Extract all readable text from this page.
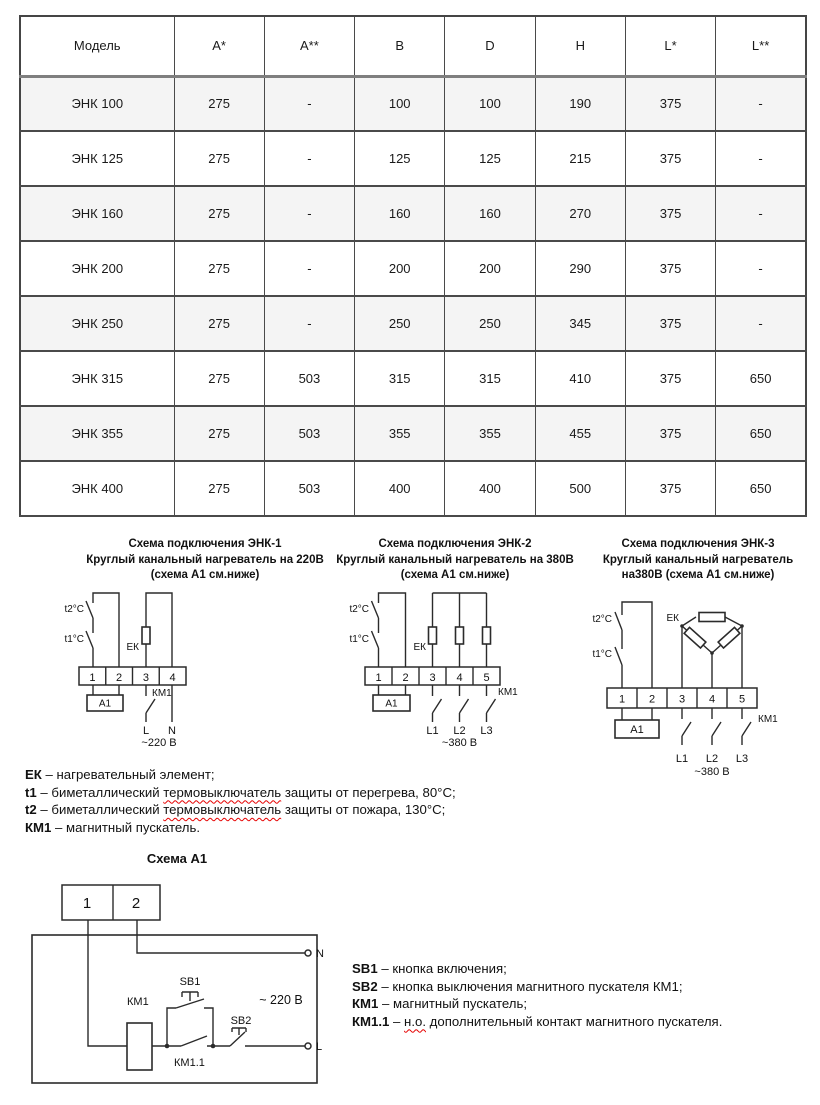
Модель	A*	A**	B	D	H	L*	L**
ЭНК 100	275	-	100	100	190	375	-
ЭНК 125	275	-	125	125	215	375	-
ЭНК 160	275	-	160	160	270	375	-
ЭНК 200	275	-	200	200	290	375	-
ЭНК 250	275	-	250	250	345	375	-
ЭНК 315	275	503	315	315	410	375	650
ЭНК 355	275	503	355	355	455	375	650
ЭНК 400	275	503	400	400	500	375	650
Схема подключения ЭНК-1
Круглый канальный нагреватель на 220В
(схема А1 см.ниже)
Схема подключения ЭНК-2
Круглый канальный нагреватель на 380В
(схема А1 см.ниже)
Схема подключения ЭНК-3
Круглый канальный нагреватель
на380В (схема А1 см.ниже)
t2°C
t1°C
ЕК
1 2 3 4
А1
КМ1
L N
~220 В
t2°C
t1°C
ЕК
1 2 3 4 5
А1
КМ1
L1 L2 L3
~380 В
t2°C
t1°C
ЕК
1 2 3 4 5
А1
КМ1
L1 L2 L3
~380 В
ЕК – нагревательный элемент;
t1 – биметаллический термовыключатель защиты от перегрева, 80°С;
t2 – биметаллический термовыключатель защиты от пожара, 130°С;
КМ1 – магнитный пускатель.
Схема А1
1	2
N
КМ1
КМ1.1
SB1
SB2
L
~ 220 В
SB1 – кнопка включения;
SB2 – кнопка выключения магнитного пускателя КМ1;
КМ1 – магнитный пускатель;
КМ1.1 – н.о. дополнительный контакт магнитного пускателя.
